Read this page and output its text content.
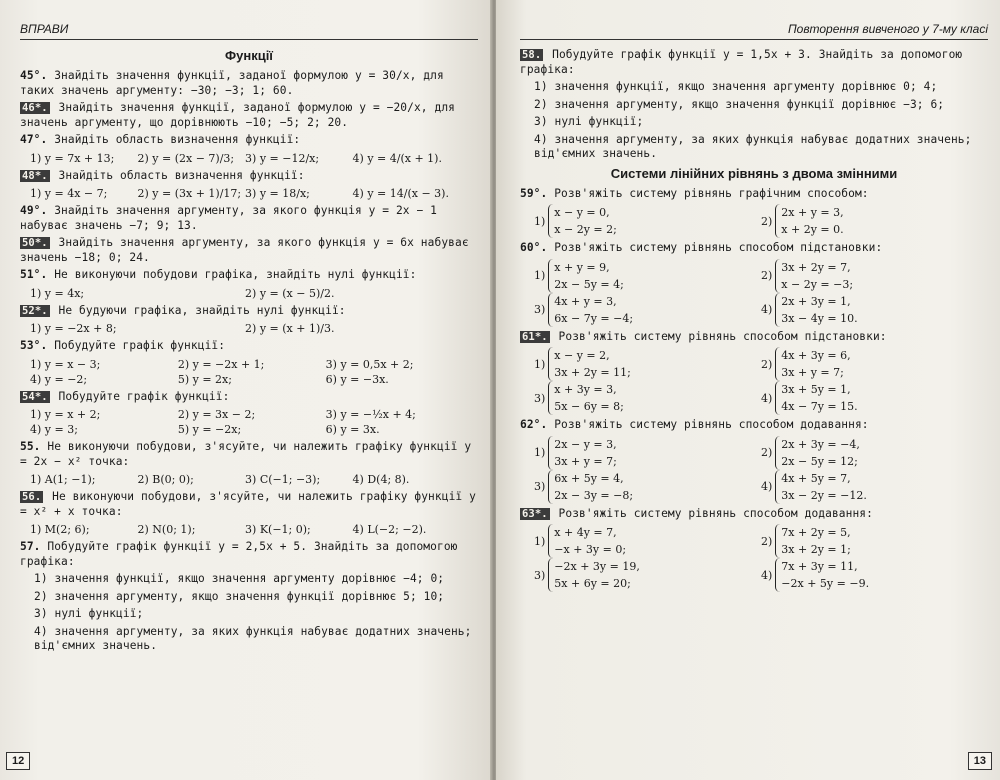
ВПРАВИ
Функції
45°. Знайдіть значення функції, заданої формулою y = 30/x, для таких значень аргументу: −30; −3; 1; 60.
46*. Знайдіть значення функції, заданої формулою y = −20/x, для значень аргументу, що дорівнюють −10; −5; 2; 20.
47°. Знайдіть область визначення функції:
1) y = 7x + 13;	2) y = (2x − 7)/3; 3) y = −12/x;	4) y = 4/(x + 1).
48*. Знайдіть область визначення функції:
1) y = 4x − 7;	2) y = (3x + 1)/17; 3) y = 18/x;	4) y = 14/(x − 3).
49°. Знайдіть значення аргументу, за якого функція y = 2x − 1 набуває значень −7; 9; 13.
50*. Знайдіть значення аргументу, за якого функція y = 6x набуває значень −18; 0; 24.
51°. Не виконуючи побудови графіка, знайдіть нулі функції:
1) y = 4x;	2) y = (x − 5)/2.
52*. Не будуючи графіка, знайдіть нулі функції:
1) y = −2x + 8;	2) y = (x + 1)/3.
53°. Побудуйте графік функції:
1) y = x − 3;	2) y = −2x + 1;	3) y = 0,5x + 2;
4) y = −2;	5) y = 2x;	6) y = −3x.
54*. Побудуйте графік функції:
1) y = x + 2;	2) y = 3x − 2;	3) y = −½x + 4;
4) y = 3;	5) y = −2x;	6) y = 3x.
55. Не виконуючи побудови, з'ясуйте, чи належить графіку функції y = 2x − x² точка:
1) A(1; −1);	2) B(0; 0);	3) C(−1; −3);	4) D(4; 8).
56. Не виконуючи побудови, з'ясуйте, чи належить графіку функції y = x² + x точка:
1) M(2; 6);	2) N(0; 1);	3) K(−1; 0);	4) L(−2; −2).
57. Побудуйте графік функції y = 2,5x + 5. Знайдіть за допомогою графіка:
1) значення функції, якщо значення аргументу дорівнює −4; 0;
2) значення аргументу, якщо значення функції дорівнює 5; 10;
3) нулі функції;
4) значення аргументу, за яких функція набуває додатних значень; від'ємних значень.
12
Повторення вивченого у 7-му класі
58. Побудуйте графік функції y = 1,5x + 3. Знайдіть за допомогою графіка:
1) значення функції, якщо значення аргументу дорівнює 0; 4;
2) значення аргументу, якщо значення функції дорівнює −3; 6;
3) нулі функції;
4) значення аргументу, за яких функція набуває додатних значень; від'ємних значень.
Системи лінійних рівнянь з двома змінними
59°. Розв'яжіть систему рівнянь графічним способом:
1)
x − y = 0,
x − 2y = 2;
2)
2x + y = 3,
x + 2y = 0.
60°. Розв'яжіть систему рівнянь способом підстановки:
1)
x + y = 9,
2x − 5y = 4;
2)
3x + 2y = 7,
x − 2y = −3;
3)
4x + y = 3,
6x − 7y = −4;
4)
2x + 3y = 1,
3x − 4y = 10.
61*. Розв'яжіть систему рівнянь способом підстановки:
1)
x − y = 2,
3x + 2y = 11;
2)
4x + 3y = 6,
3x + y = 7;
3)
x + 3y = 3,
5x − 6y = 8;
4)
3x + 5y = 1,
4x − 7y = 15.
62°. Розв'яжіть систему рівнянь способом додавання:
1)
2x − y = 3,
3x + y = 7;
2)
2x + 3y = −4,
2x − 5y = 12;
3)
6x + 5y = 4,
2x − 3y = −8;
4)
4x + 5y = 7,
3x − 2y = −12.
63*. Розв'яжіть систему рівнянь способом додавання:
1)
x + 4y = 7,
−x + 3y = 0;
2)
7x + 2y = 5,
3x + 2y = 1;
3)
−2x + 3y = 19,
5x + 6y = 20;
4)
7x + 3y = 11,
−2x + 5y = −9.
13
